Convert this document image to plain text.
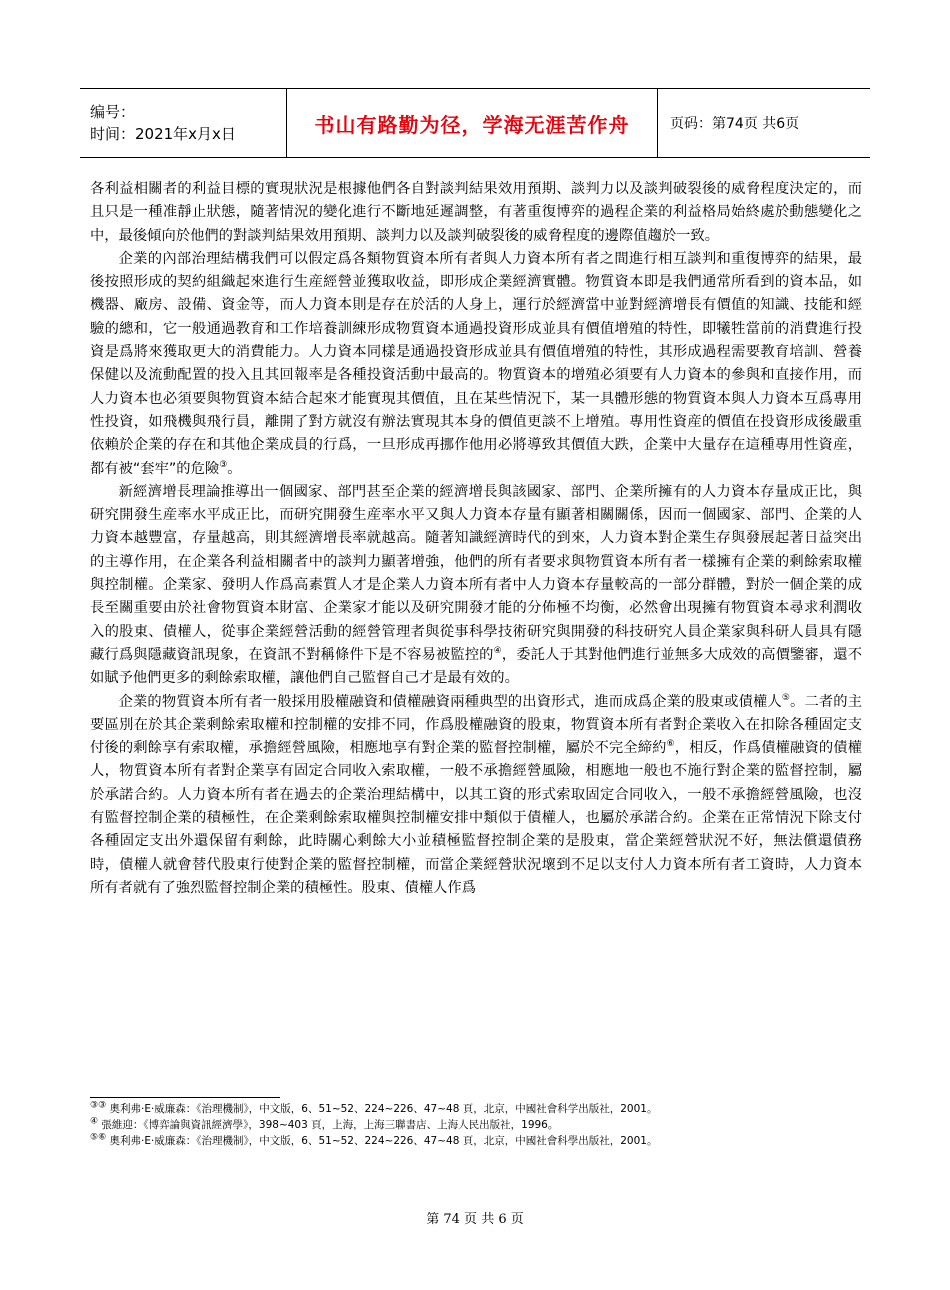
编号：
时间：2021年x月x日	书山有路勤为径，学海无涯苦作舟	页码：第74页 共6页

各利益相關者的利益目標的實現狀況是根據他們各自對談判結果效用預期、談判力以及談判破裂後的威脅程度決定的，而且只是一種准靜止狀態，隨著情況的變化進行不斷地延遲調整，有著重復博弈的過程企業的利益格局始終處於動態變化之中，最後傾向於他們的對談判結果效用預期、談判力以及談判破裂後的威脅程度的邊際值趨於一致。

企業的內部治理結構我們可以假定爲各類物質資本所有者與人力資本所有者之間進行相互談判和重復博弈的結果，最後按照形成的契約組織起來進行生産經營並獲取收益，即形成企業經濟實體。物質資本即是我們通常所看到的資本品，如機器、廠房、設備、資金等，而人力資本則是存在於活的人身上，運行於經濟當中並對經濟增長有價值的知識、技能和經驗的總和，它一般通過教育和工作培養訓練形成物質資本通過投資形成並具有價值增殖的特性，即犧牲當前的消費進行投資是爲將來獲取更大的消費能力。人力資本同樣是通過投資形成並具有價值增殖的特性，其形成過程需要教育培訓、營養保健以及流動配置的投入且其回報率是各種投資活動中最高的。物質資本的增殖必須要有人力資本的參與和直接作用，而人力資本也必須要與物質資本結合起來才能實現其價值，且在某些情況下，某一具體形態的物質資本與人力資本互爲專用性投資，如飛機與飛行員，離開了對方就沒有辦法實現其本身的價值更談不上增殖。專用性資産的價值在投資形成後嚴重依賴於企業的存在和其他企業成員的行爲，一旦形成再挪作他用必將導致其價值大跌，企業中大量存在這種專用性資産，都有被“套牢”的危險③。

新經濟增長理論推導出一個國家、部門甚至企業的經濟增長與該國家、部門、企業所擁有的人力資本存量成正比，與研究開發生産率水平成正比，而研究開發生産率水平又與人力資本存量有顯著相關關係，因而一個國家、部門、企業的人力資本越豐富，存量越高，則其經濟增長率就越高。隨著知識經濟時代的到來，人力資本對企業生存與發展起著日益突出的主導作用，在企業各利益相關者中的談判力顯著增強，他們的所有者要求與物質資本所有者一樣擁有企業的剩餘索取權與控制權。企業家、發明人作爲高素質人才是企業人力資本所有者中人力資本存量較高的一部分群體，對於一個企業的成長至關重要由於社會物質資本財富、企業家才能以及研究開發才能的分佈極不均衡，必然會出現擁有物質資本尋求利潤收入的股東、債權人，從事企業經營活動的經營管理者與從事科學技術研究與開發的科技研究人員企業家與科研人員具有隱藏行爲與隱藏資訊現象，在資訊不對稱條件下是不容易被監控的④，委託人于其對他們進行並無多大成效的高價鑒審，還不如賦予他們更多的剩餘索取權，讓他們自己監督自己才是最有效的。

企業的物質資本所有者一般採用股權融資和債權融資兩種典型的出資形式，進而成爲企業的股東或債權人⑤。二者的主要區別在於其企業剩餘索取權和控制權的安排不同，作爲股權融資的股東，物質資本所有者對企業收入在扣除各種固定支付後的剩餘享有索取權，承擔經營風險，相應地享有對企業的監督控制權，屬於不完全締約⑥，相反，作爲債權融資的債權人，物質資本所有者對企業享有固定合同收入索取權，一般不承擔經營風險，相應地一般也不施行對企業的監督控制，屬於承諾合約。人力資本所有者在過去的企業治理結構中，以其工資的形式索取固定合同收入，一般不承擔經營風險，也沒有監督控制企業的積極性，在企業剩餘索取權與控制權安排中類似于債權人，也屬於承諾合約。企業在正常情況下除支付各種固定支出外還保留有剩餘，此時關心剩餘大小並積極監督控制企業的是股東，當企業經營狀況不好，無法償還債務時，債權人就會替代股東行使對企業的監督控制權，而當企業經營狀況壞到不足以支付人力資本所有者工資時，人力資本所有者就有了強烈監督控制企業的積極性。股東、債權人作爲

③③ 奧利弗·E·威廉森：《治理機制》，中文版，6、51~52、224~226、47~48 頁，北京，中國社會科学出版社，2001。
④ 張維迎：《博弈論與資訊經濟學》，398~403 頁，上海，上海三聯書店、上海人民出版社，1996。
⑤⑥ 奧利弗·E·威廉森：《治理機制》，中文版，6、51~52、224~226、47~48 頁，北京，中國社會科學出版社，2001。
第 74 页 共 6 页
